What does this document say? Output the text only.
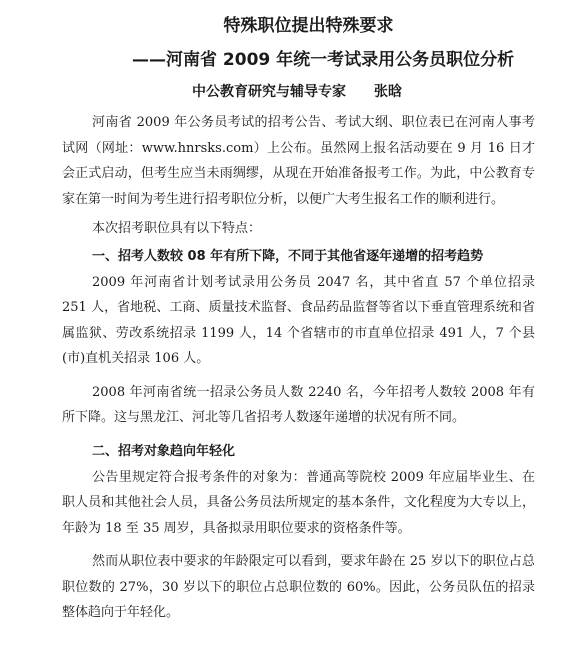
特殊职位提出特殊要求
——河南省 2009 年统一考试录用公务员职位分析
中公教育研究与辅导专家 张晗

河南省 2009 年公务员考试的招考公告、考试大纲、职位表已在河南人事考试网（网址：www.hnrsks.com）上公布。虽然网上报名活动要在 9 月 16 日才会正式启动，但考生应当未雨绸缪，从现在开始准备报考工作。为此，中公教育专家在第一时间为考生进行招考职位分析，以便广大考生报名工作的顺利进行。

本次招考职位具有以下特点：

一、招考人数较 08 年有所下降，不同于其他省逐年递增的招考趋势

2009 年河南省计划考试录用公务员 2047 名，其中省直 57 个单位招录 251 人，省地税、工商、质量技术监督、食品药品监督等省以下垂直管理系统和省属监狱、劳改系统招录 1199 人，14 个省辖市的市直单位招录 491 人，7 个县(市)直机关招录 106 人。

2008 年河南省统一招录公务员人数 2240 名，今年招考人数较 2008 年有所下降。这与黑龙江、河北等几省招考人数逐年递增的状况有所不同。

二、招考对象趋向年轻化

公告里规定符合报考条件的对象为：普通高等院校 2009 年应届毕业生、在职人员和其他社会人员，具备公务员法所规定的基本条件，文化程度为大专以上，年龄为 18 至 35 周岁，具备拟录用职位要求的资格条件等。

然而从职位表中要求的年龄限定可以看到，要求年龄在 25 岁以下的职位占总职位数的 27%，30 岁以下的职位占总职位数的 60%。因此，公务员队伍的招录整体趋向于年轻化。
